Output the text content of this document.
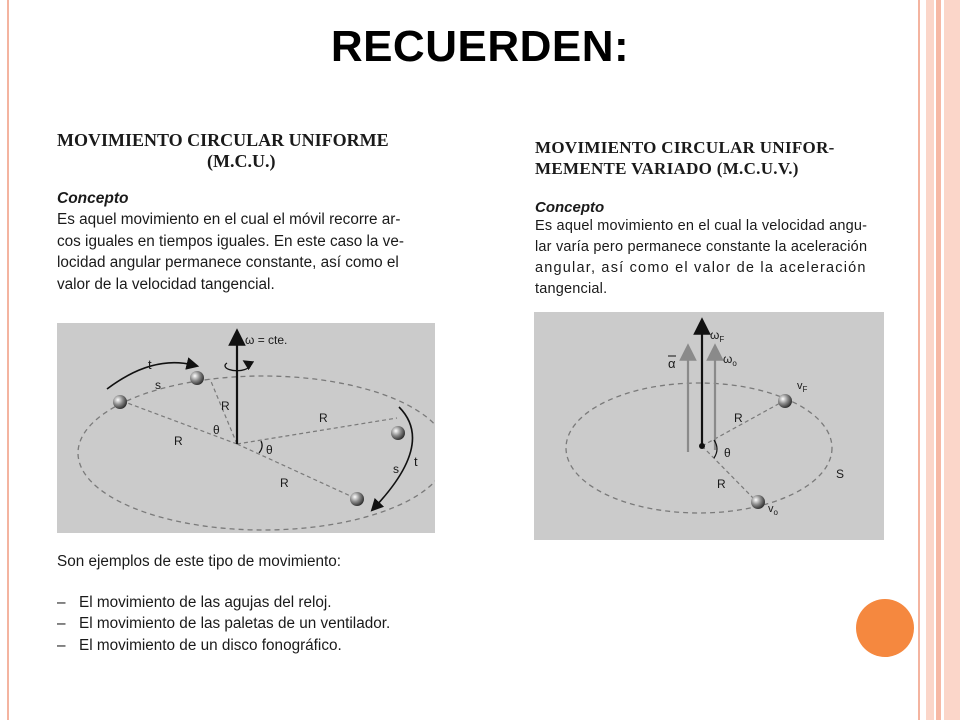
RECUERDEN:
MOVIMIENTO CIRCULAR UNIFORME
(M.C.U.)
Concepto
Es aquel movimiento en el cual el móvil recorre ar-
cos iguales en tiempos iguales. En este caso la ve-
locidad angular permanece constante, así como el
valor de la velocidad tangencial.
ω = cte.
t
s
t
s
R
R
R
R
θ
θ
Son ejemplos de este tipo de movimiento:
– El movimiento de las agujas del reloj.
– El movimiento de las paletas de un ventilador.
– El movimiento de un disco fonográfico.
MOVIMIENTO CIRCULAR UNIFOR-
MEMENTE VARIADO (M.C.U.V.)
Concepto
Es aquel movimiento en el cual la velocidad angu-
lar varía pero permanece constante la aceleración
angular, así como el valor de la aceleración
tangencial.
α
$\omega_F$
$\omega_o$
$v_F$
$v_o$
R
R
θ
S
